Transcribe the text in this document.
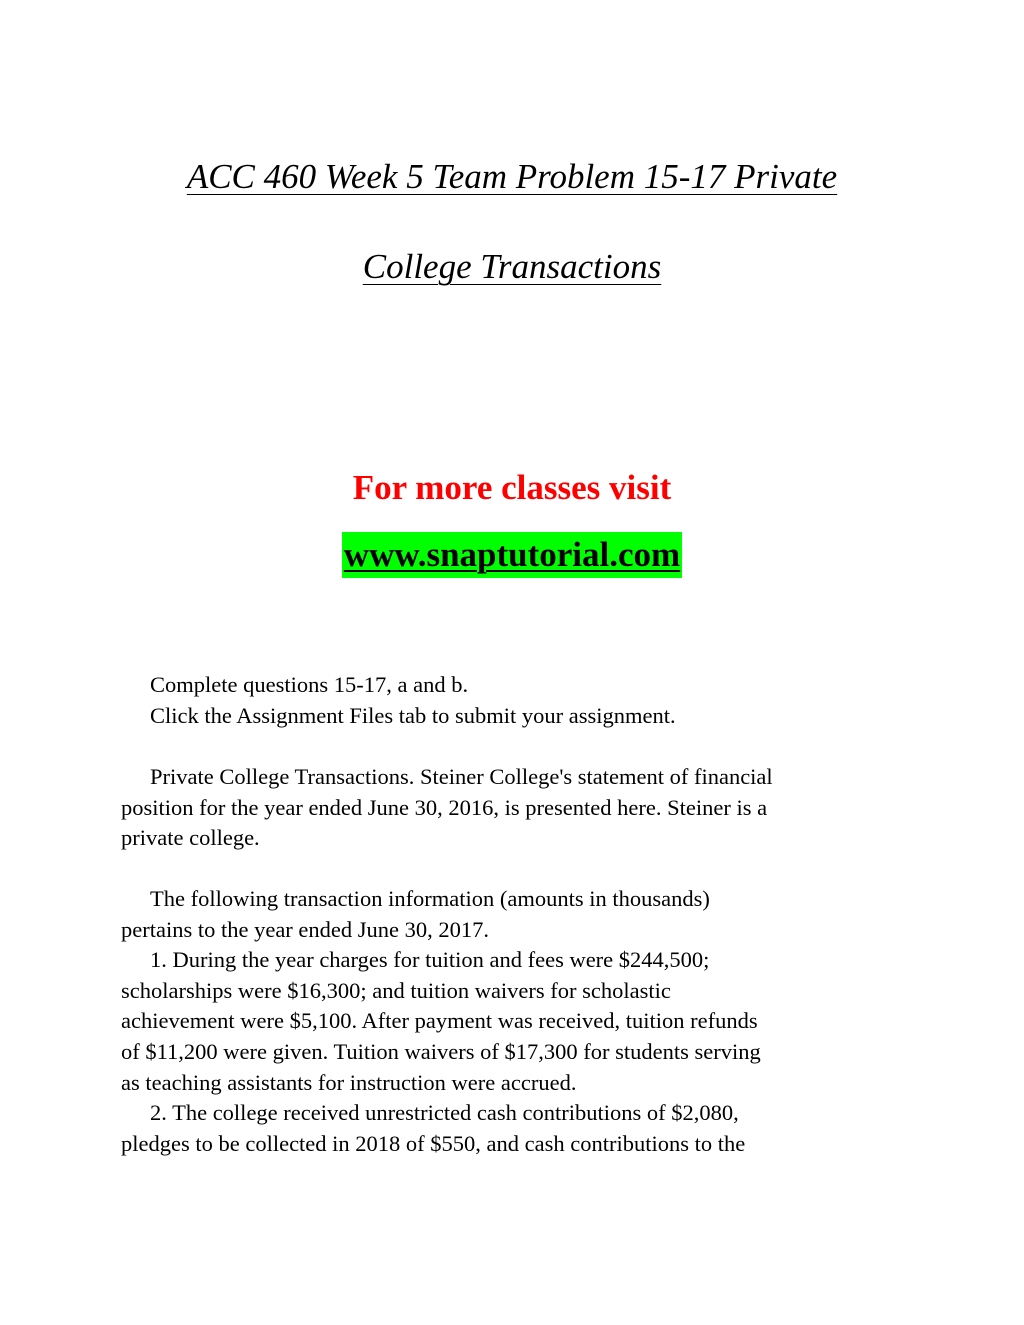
ACC 460 Week 5 Team Problem 15-17 Private
College Transactions

For more classes visit

www.snaptutorial.com

Complete questions 15-17, a and b.
Click the Assignment Files tab to submit your assignment.

Private College Transactions. Steiner College's statement of financial
position for the year ended June 30, 2016, is presented here. Steiner is a
private college.

The following transaction information (amounts in thousands)
pertains to the year ended June 30, 2017.
1. During the year charges for tuition and fees were $244,500;
scholarships were $16,300; and tuition waivers for scholastic
achievement were $5,100. After payment was received, tuition refunds
of $11,200 were given. Tuition waivers of $17,300 for students serving
as teaching assistants for instruction were accrued.
2. The college received unrestricted cash contributions of $2,080,
pledges to be collected in 2018 of $550, and cash contributions to the
